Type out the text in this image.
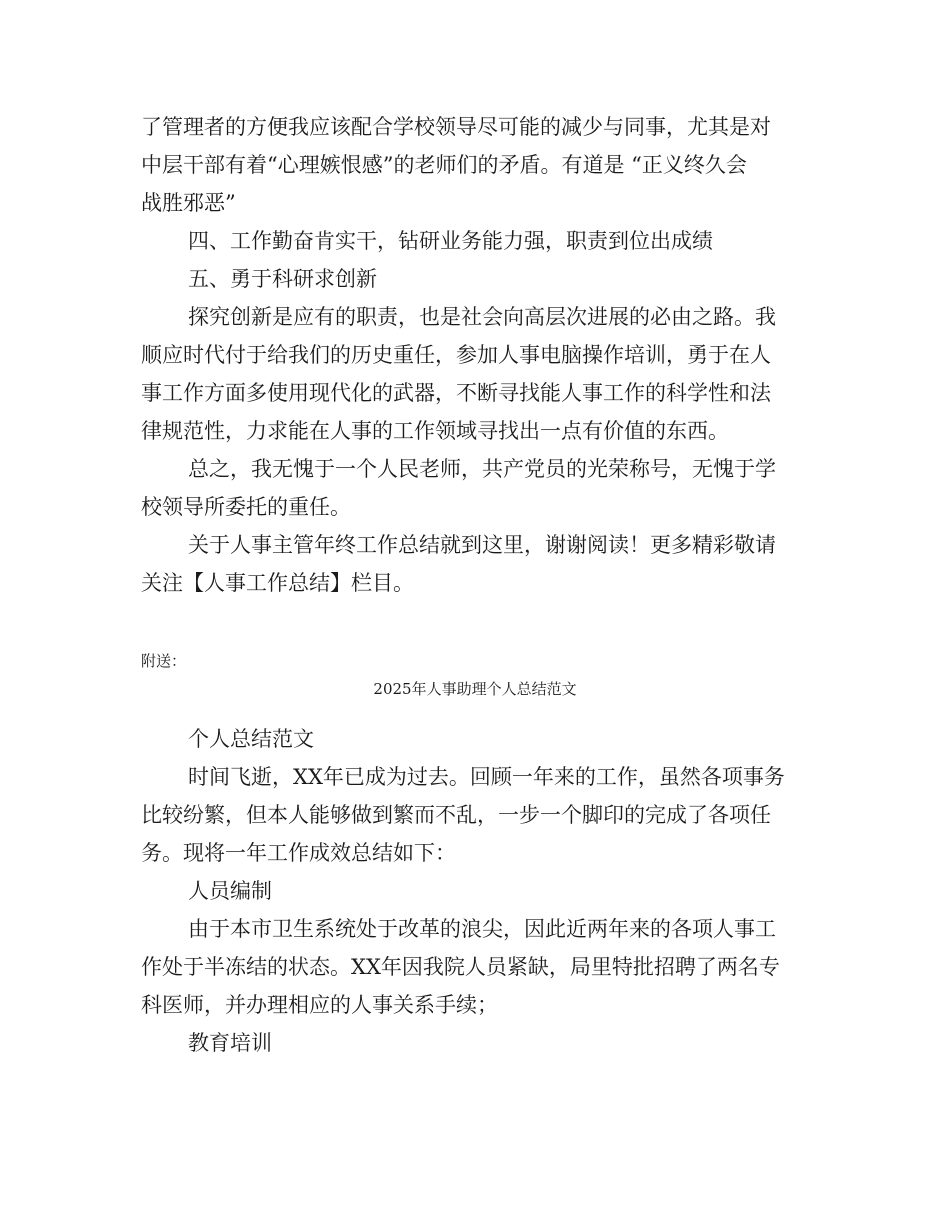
了管理者的方便我应该配合学校领导尽可能的减少与同事，尤其是对
中层干部有着“心理嫉恨感”的老师们的矛盾。有道是 “正义终久会
战胜邪恶”
四、工作勤奋肯实干，钻研业务能力强，职责到位出成绩
五、勇于科研求创新
探究创新是应有的职责，也是社会向高层次进展的必由之路。我
顺应时代付于给我们的历史重任，参加人事电脑操作培训，勇于在人
事工作方面多使用现代化的武器，不断寻找能人事工作的科学性和法
律规范性，力求能在人事的工作领域寻找出一点有价值的东西。
总之，我无愧于一个人民老师，共产党员的光荣称号，无愧于学
校领导所委托的重任。
关于人事主管年终工作总结就到这里，谢谢阅读！更多精彩敬请
关注【人事工作总结】栏目。
附送：
2025年人事助理个人总结范文
个人总结范文
时间飞逝，XX年已成为过去。回顾一年来的工作，虽然各项事务
比较纷繁，但本人能够做到繁而不乱，一步一个脚印的完成了各项任
务。现将一年工作成效总结如下：
人员编制
由于本市卫生系统处于改革的浪尖，因此近两年来的各项人事工
作处于半冻结的状态。XX年因我院人员紧缺，局里特批招聘了两名专
科医师，并办理相应的人事关系手续；
教育培训
